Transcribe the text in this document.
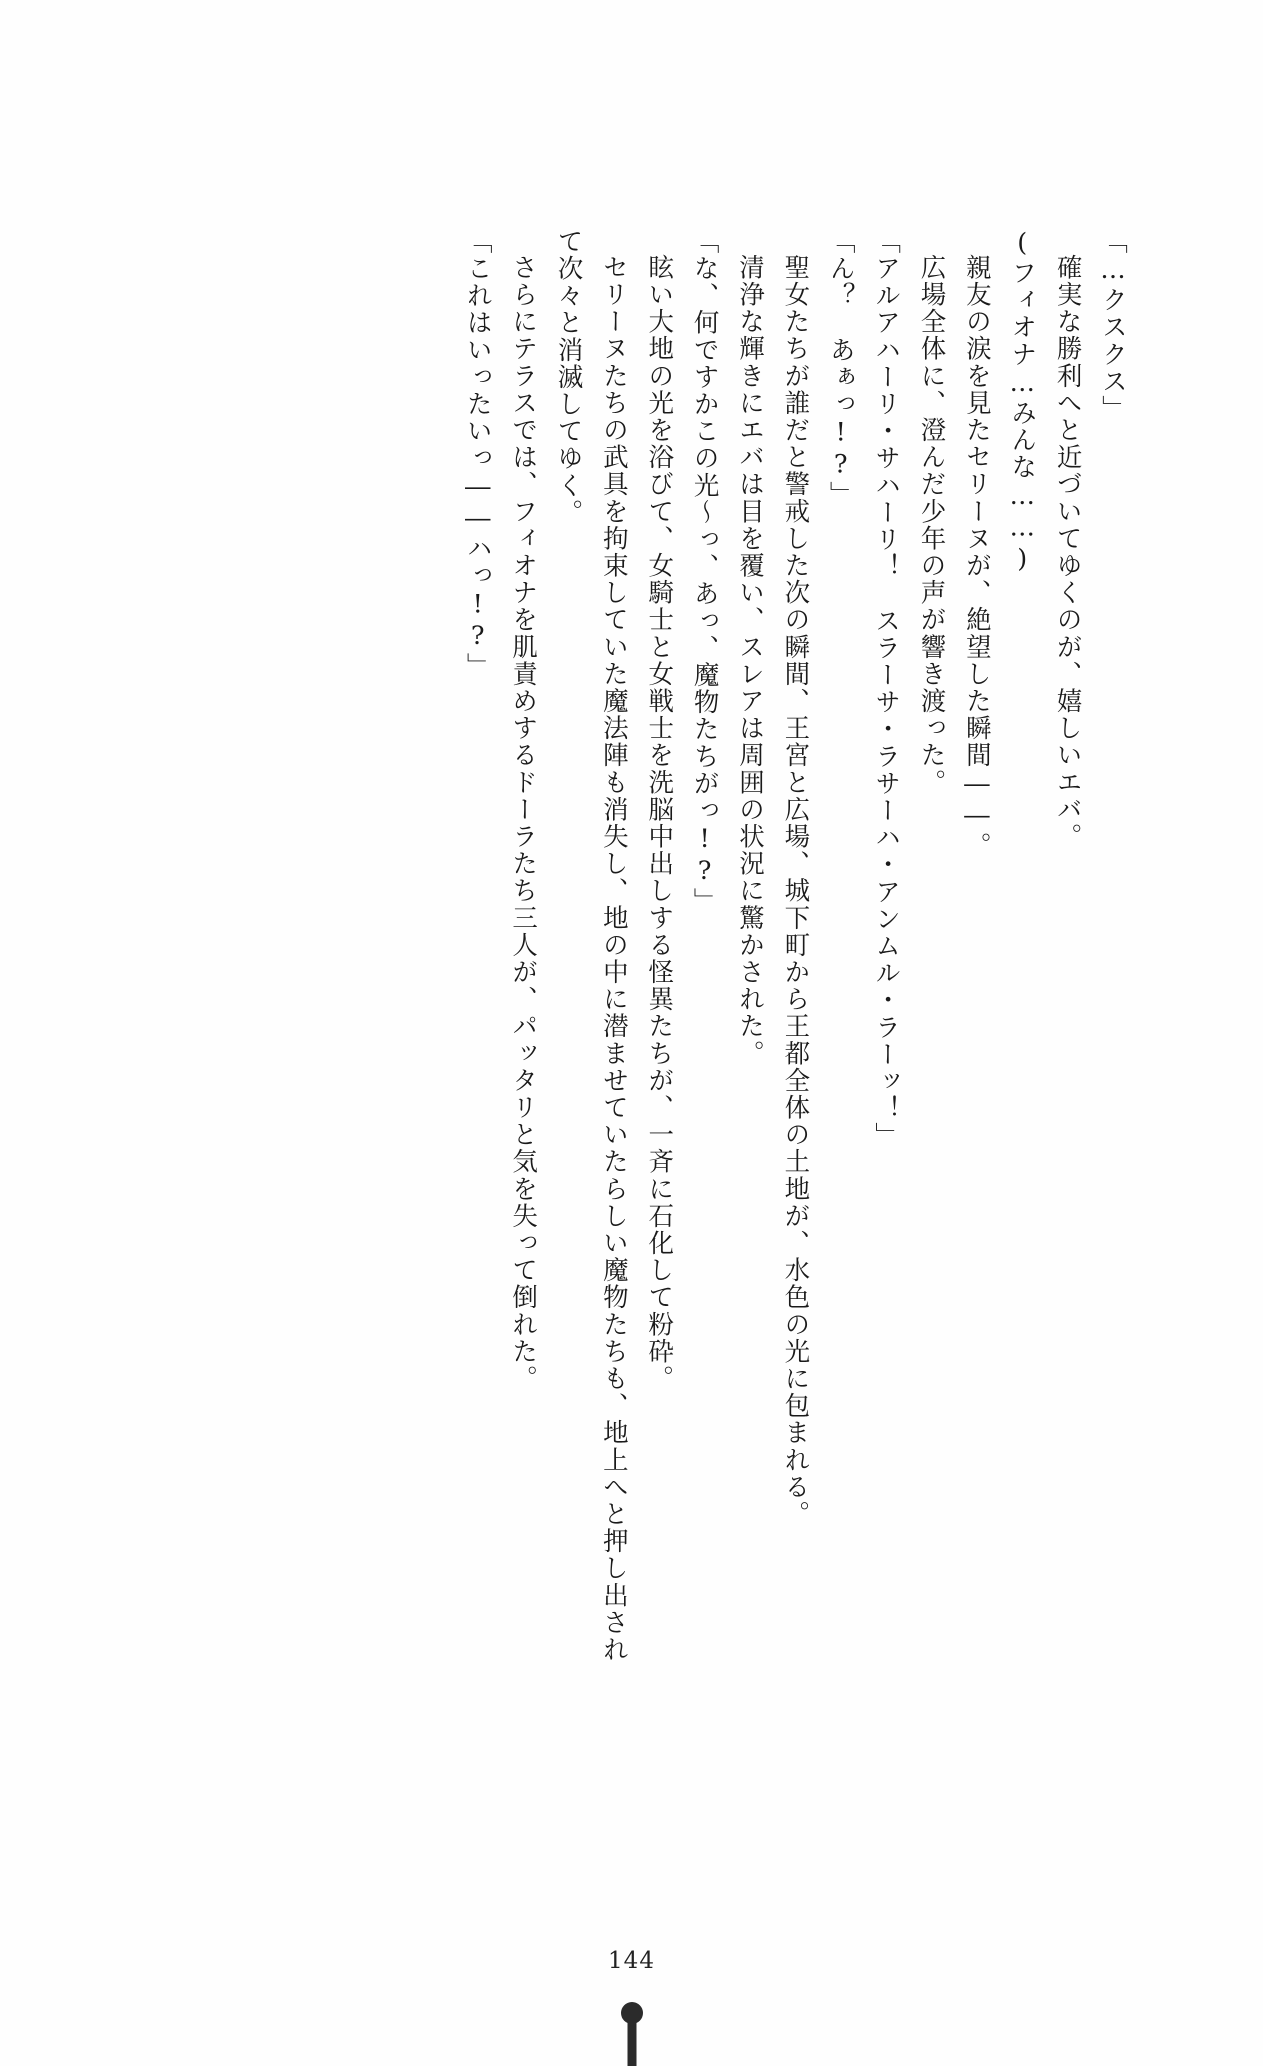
「…クスクス」

確実な勝利へと近づいてゆくのが、嬉しいエバ。

(フィオナ…みんな……)

親友の涙を見たセリーヌが、絶望した瞬間――。

広場全体に、澄んだ少年の声が響き渡った。

「アルアハーリ・サハーリ！　スラーサ・ラサーハ・アンムル・ラーッ！」

「ん？　あぁっ!?」

聖女たちが誰だと警戒した次の瞬間、王宮と広場、城下町から王都全体の土地が、水色の光に包まれる。

清浄な輝きにエバは目を覆い、スレアは周囲の状況に驚かされた。

「な、何ですかこの光～っ、あっ、魔物たちがっ!?」

眩い大地の光を浴びて、女騎士と女戦士を洗脳中出しする怪異たちが、一斉に石化して粉砕。

セリーヌたちの武具を拘束していた魔法陣も消失し、地の中に潜ませていたらしい魔物たちも、地上へと押し出されて次々と消滅してゆく。

さらにテラスでは、フィオナを肌責めするドーラたち三人が、パッタリと気を失って倒れた。

「これはいったいっ――ハっ!?」

144
